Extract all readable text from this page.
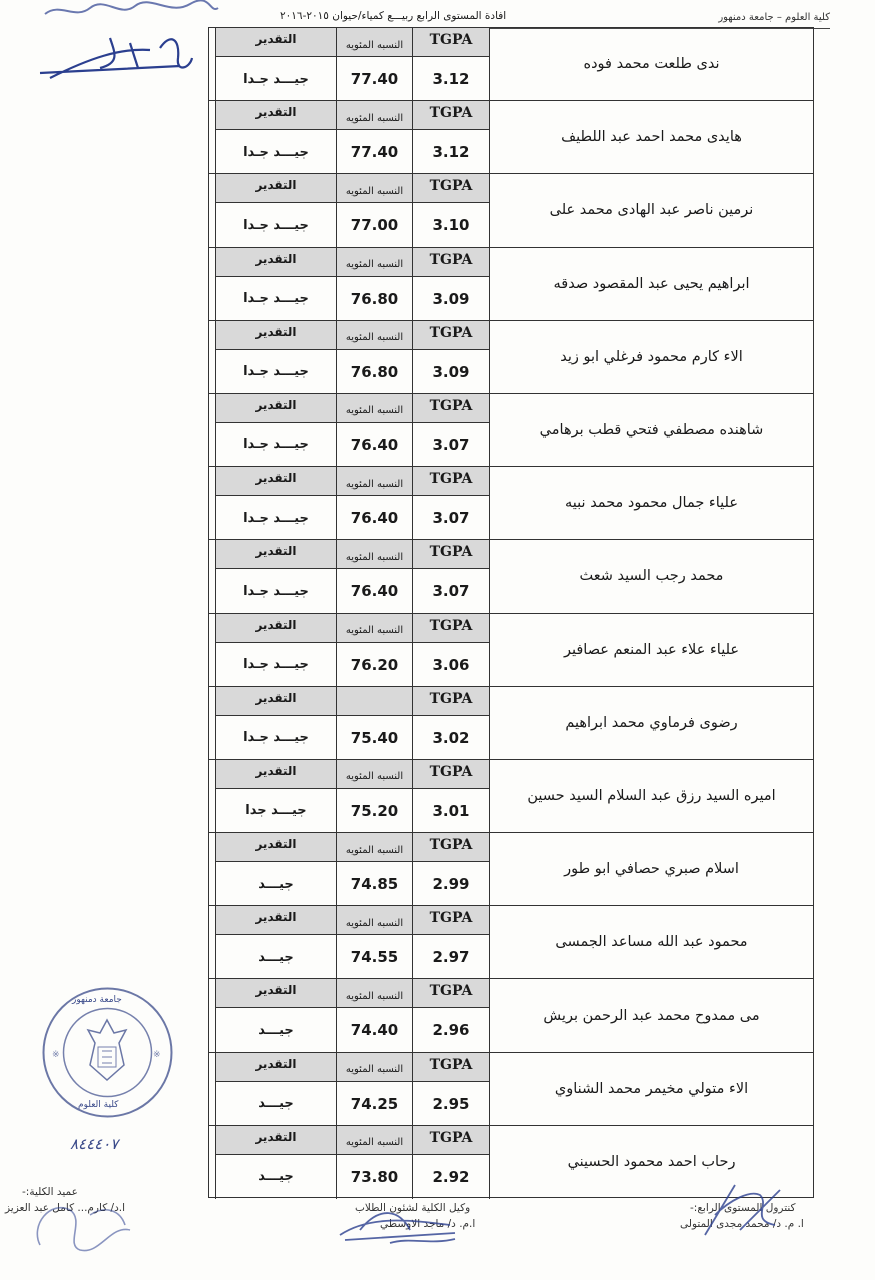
افادة المستوى الرابع ربيـــع كمياء/حيوان ٢٠١٥-٢٠١٦	كلية العلوم – جامعة دمنهور
التقدير	النسبه المئويه TGPA
جيـــد جـدا	77.40 3.12
ندى طلعت محمد فوده
التقدير	النسبه المئويه TGPA
جيـــد جـدا	77.40 3.12
هايدى محمد احمد عبد اللطيف
التقدير	النسبه المئويه TGPA
جيـــد جـدا	77.00 3.10
نرمين ناصر عبد الهادى محمد على
التقدير	النسبه المئويه TGPA
جيـــد جـدا	76.80 3.09
ابراهيم يحيى عبد المقصود صدقه
التقدير	النسبه المئويه TGPA
جيـــد جـدا	76.80 3.09
الاء كارم محمود فرغلي ابو زيد
التقدير	النسبه المئويه TGPA
جيـــد جـدا	76.40 3.07
شاهنده مصطفي فتحي قطب برهامي
التقدير	النسبه المئويه TGPA
جيـــد جـدا	76.40 3.07
علياء جمال محمود محمد نبيه
التقدير	النسبه المئويه TGPA
جيـــد جـدا	76.40 3.07
محمد رجب السيد شعث
التقدير	النسبه المئويه TGPA
جيـــد جـدا	76.20 3.06
علياء علاء عبد المنعم عصافير
التقدير	TGPA
جيـــد جـدا	75.40 3.02
رضوى فرماوي محمد ابراهيم
التقدير	النسبه المئويه TGPA
جيـــد جدا	75.20 3.01
اميره السيد رزق عبد السلام السيد حسين
التقدير	النسبه المئويه TGPA
جيـــد	74.85 2.99
اسلام صبري حصافي ابو طور
التقدير	النسبه المئويه TGPA
جيـــد	74.55 2.97
محمود عبد الله مساعد الجمسى
التقدير	النسبه المئويه TGPA
جيـــد	74.40 2.96
مى ممدوح محمد عبد الرحمن بريش
التقدير	النسبه المئويه TGPA
جيـــد	74.25 2.95
الاء متولي مخيمر محمد الشناوي
التقدير	النسبه المئويه TGPA
جيـــد	73.80 2.92
رحاب احمد محمود الحسيني
※	※
جامعة دمنهور
كلية العلوم
٨٤٤٤٠٧
عميد الكلية:-
ا.د/ كارم... كامل عبد العزيز	وكيل الكلية لشئون الطلاب
ا.م. د/ ماجد الاوسطي
كنترول المستوى الرابع:-
ا. م. د/ محمد مجدى المتولى
